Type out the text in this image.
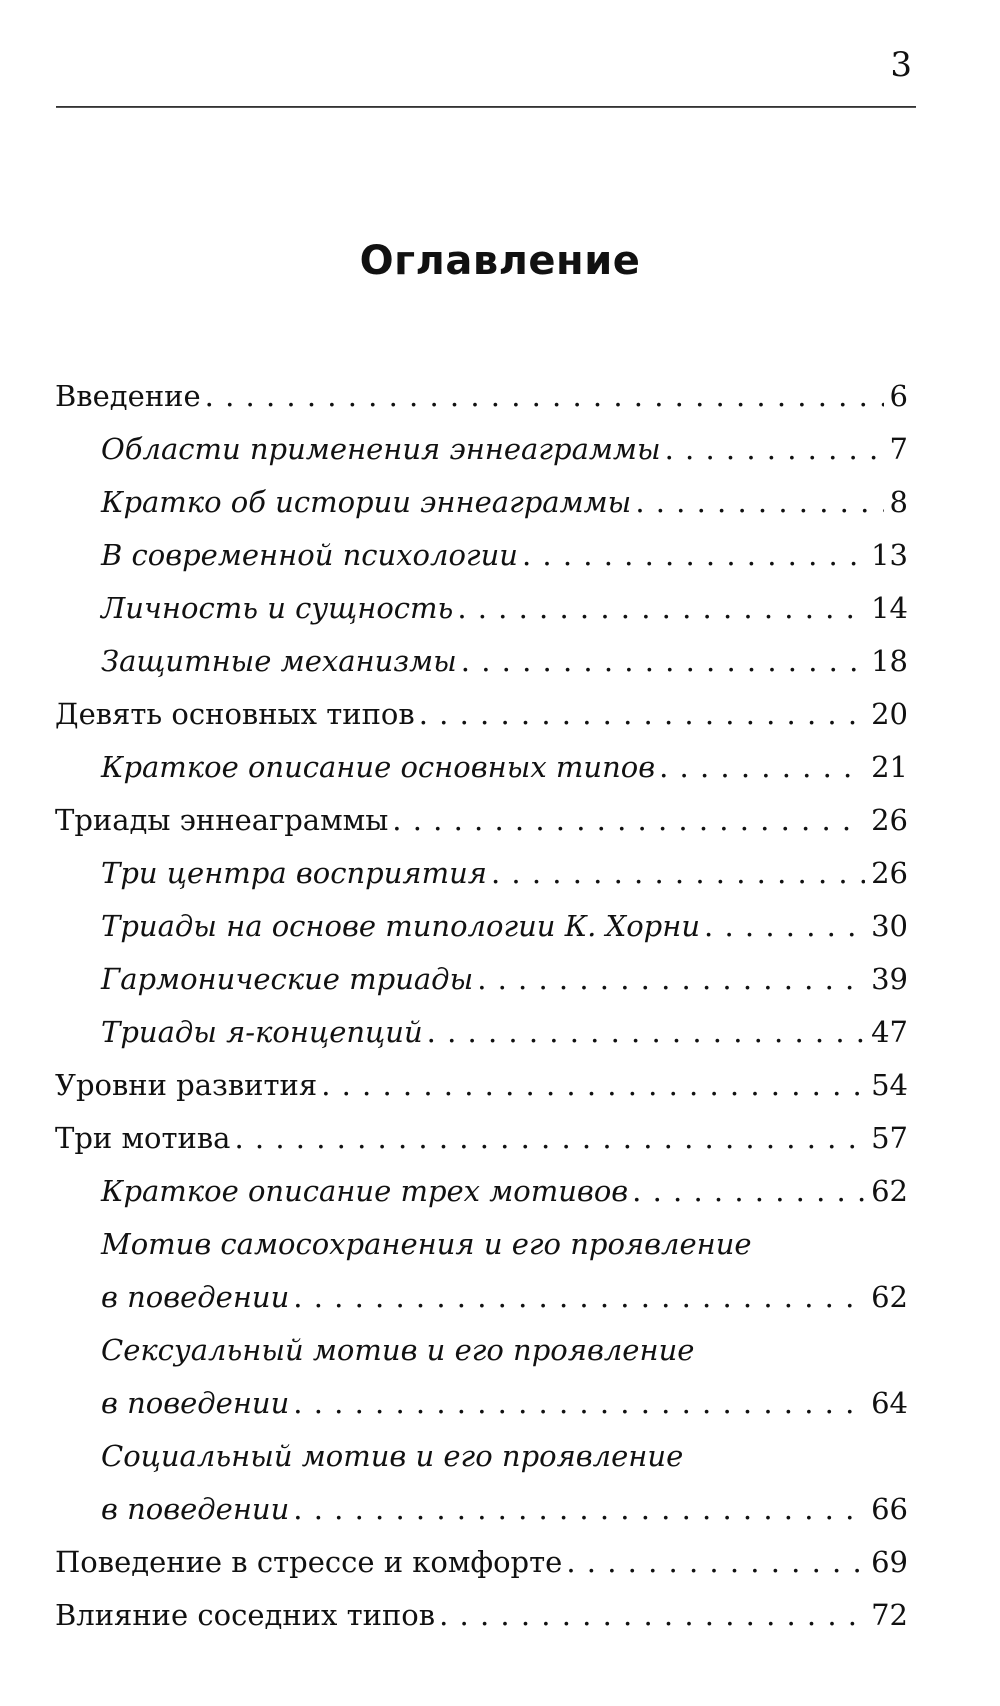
3
Оглавление
Введение . . .	6
Области применения эннеаграммы . . .	7
Кратко об истории эннеаграммы . . .	8
В современной психологии . . .	13
Личность и сущность . . .	14
Защитные механизмы . . .	18
Девять основных типов . . .	20
Краткое описание основных типов . . .	21
Триады эннеаграммы . . .	26
Три центра восприятия . . .	26
Триады на основе типологии К. Хорни . . .	30
Гармонические триады . . .	39
Триады я-концепций . . .	47
Уровни развития . . .	54
Три мотива . . .	57
Краткое описание трех мотивов . . .	62
Мотив самосохранения и его проявление
в поведении . . .	62
Сексуальный мотив и его проявление
в поведении . . .	64
Социальный мотив и его проявление
в поведении . . .	66
Поведение в стрессе и комфорте . . .	69
Влияние соседних типов . . .	72
